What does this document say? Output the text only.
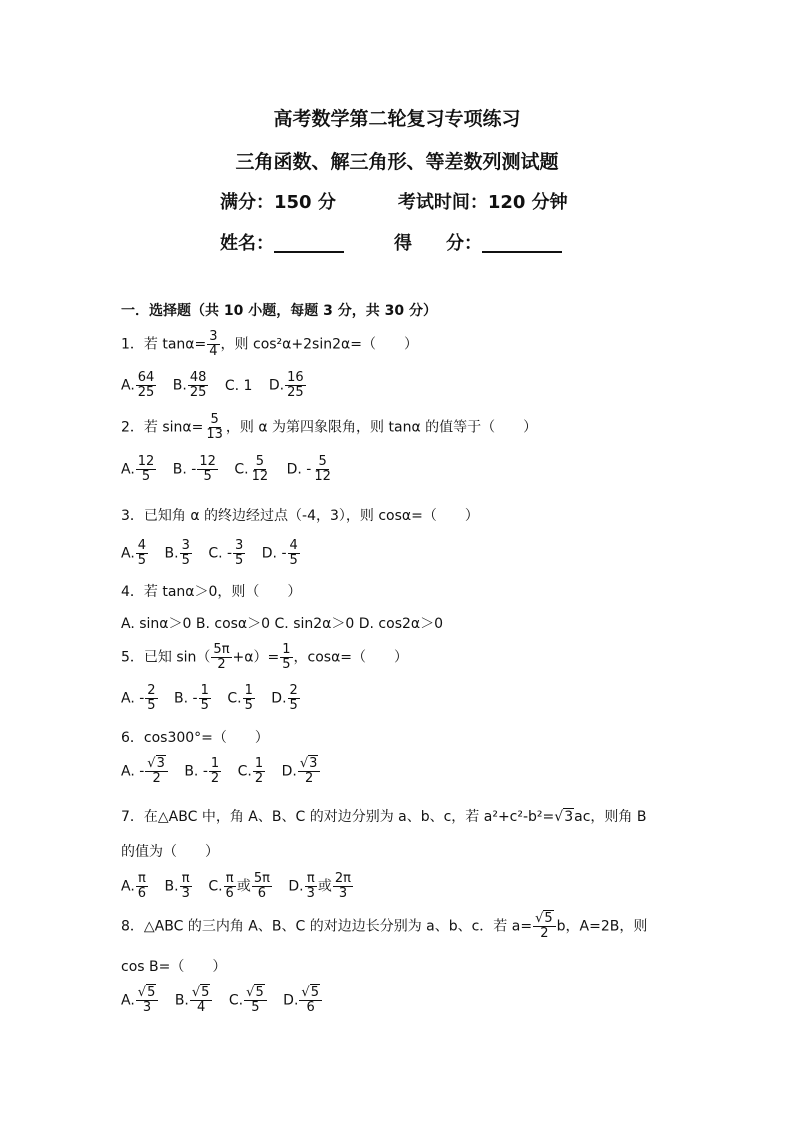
高考数学第二轮复习专项练习
三角函数、解三角形、等差数列测试题
满分：150 分	考试时间：120 分钟
姓名：	得 分：
一．选择题（共 10 小题，每题 3 分，共 30 分）
1．若 $\tan\alpha= \frac{3}{4}$ ，则 cos²α+2sin2α=（　　）
A. $\frac{64}{25} B$. $\frac{48}{25} C$. 1 D. $\frac{16}{25}$
2．若 $\sin\alpha= \frac{5}{13}$ ，则 α 为第四象限角，则 tanα 的值等于（　　）
A. $\frac{12}{5} B$. - $\frac{12}{5} C$. $\frac{5}{12} D$. - $\frac{5}{12}$
3．已知角 α 的终边经过点（-4，3），则 cosα=（　　）
A. $\frac{4}{5} B$. $\frac{3}{5} C$. - $\frac{3}{5} D$. - $\frac{4}{5}$
4．若 tanα＞0，则（　　）
A. sinα＞0 B. cosα＞0 C. sin2α＞0 D. cos2α＞0
5．已知 $\sin( \frac{5\pi}{2} +\alpha)= \frac{1}{5}$ ，cosα=（　　）
A. - $\frac{2}{5} B$. - $\frac{1}{5} C$. $\frac{1}{5} D$. $\frac{2}{5}$
6．cos300°=（　　）
A. - $\frac{√3}{2} B$. - $\frac{1}{2} C$. $\frac{1}{2} D$. $\frac{√3}{2}$
7．在△ABC 中，角 A、B、C 的对边分别为 a、b、c，若 a²+c²-b²=√3ac，则角 B
的值为（　　）
A. $\frac{\pi}{6} B$. $\frac{\pi}{3} C$. $\frac{\pi}{6}$ 或 $\frac{5\pi}{6} D$. $\frac{\pi}{3}$ 或 $\frac{2\pi}{3}$
8．△ABC 的三内角 A、B、C 的对边边长分别为 a、b、c．若 $a= \frac{√5}{2}$ b，A=2B，则
cos B=（　　）
A. $\frac{√5}{3} B$. $\frac{√5}{4} C$. $\frac{√5}{5} D$. $\frac{√5}{6}$
